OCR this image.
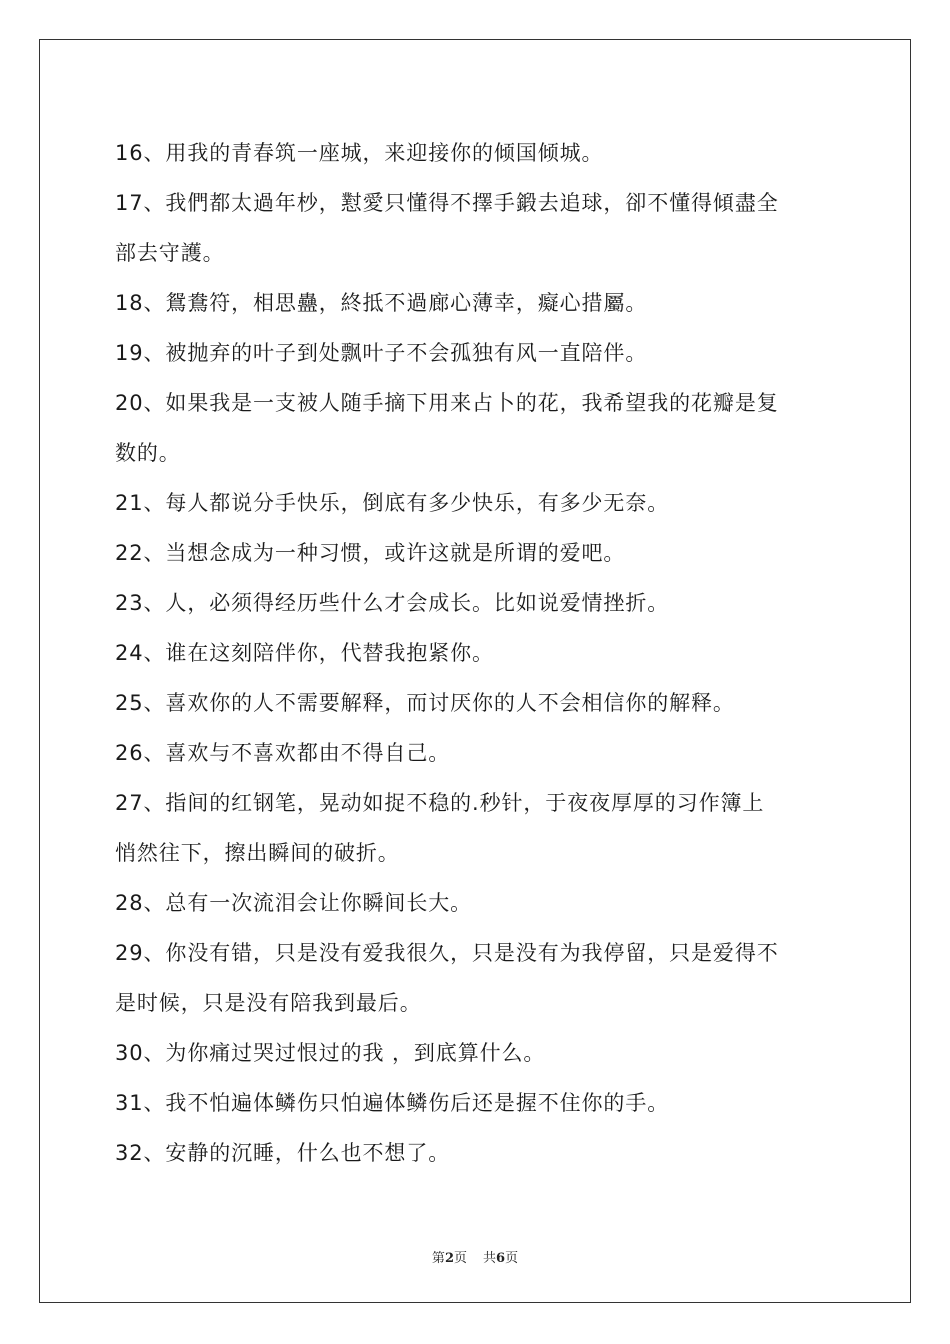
16、用我的青春筑一座城，来迎接你的倾国倾城。
17、我們都太過年杪，懟愛只懂得不擇手鍛去追球，卻不懂得傾盡全
部去守護。
18、鴛鴦符，相思蠱，終抵不過廊心薄幸，癡心措屬。
19、被抛弃的叶子到处飘叶子不会孤独有风一直陪伴。
20、如果我是一支被人随手摘下用来占卜的花，我希望我的花瓣是复
数的。
21、每人都说分手快乐，倒底有多少快乐，有多少无奈。
22、当想念成为一种习惯，或许这就是所谓的爱吧。
23、人，必须得经历些什么才会成长。比如说爱情挫折。
24、谁在这刻陪伴你，代替我抱紧你。
25、喜欢你的人不需要解释，而讨厌你的人不会相信你的解释。
26、喜欢与不喜欢都由不得自己。
27、指间的红钢笔，晃动如捉不稳的.秒针，于夜夜厚厚的习作簿上
悄然往下，擦出瞬间的破折。
28、总有一次流泪会让你瞬间长大。
29、你没有错，只是没有爱我很久，只是没有为我停留，只是爱得不
是时候，只是没有陪我到最后。
30、为你痛过哭过恨过的我 ，到底算什么。
31、我不怕遍体鳞伤只怕遍体鳞伤后还是握不住你的手。
32、安静的沉睡，什么也不想了。
第2页 共6页
